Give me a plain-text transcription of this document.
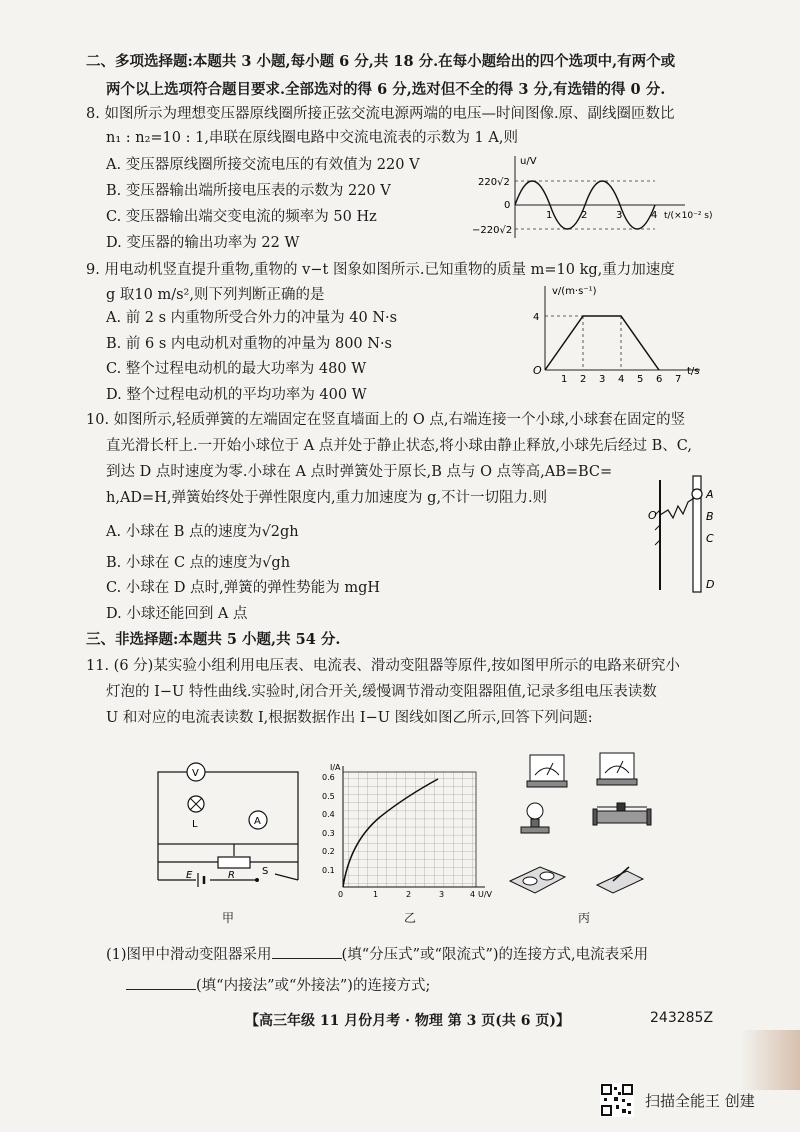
二、多项选择题:本题共 3 小题,每小题 6 分,共 18 分.在每小题给出的四个选项中,有两个或
两个以上选项符合题目要求.全部选对的得 6 分,选对但不全的得 3 分,有选错的得 0 分.
8. 如图所示为理想变压器原线圈所接正弦交流电源两端的电压—时间图像.原、副线圈匝数比
n₁ : n₂=10 : 1,串联在原线圈电路中交流电流表的示数为 1 A,则
A. 变压器原线圈所接交流电压的有效值为 220 V
B. 变压器输出端所接电压表的示数为 220 V
C. 变压器输出端交变电流的频率为 50 Hz
D. 变压器的输出功率为 22 W
u/V
220√2
0
−220√2
1	2	3	4 t/(×10⁻² s)
9. 用电动机竖直提升重物,重物的 v−t 图象如图所示.已知重物的质量 m=10 kg,重力加速度
g 取10 m/s²,则下列判断正确的是
A. 前 2 s 内重物所受合外力的冲量为 40 N·s
B. 前 6 s 内电动机对重物的冲量为 800 N·s
C. 整个过程电动机的最大功率为 480 W
D. 整个过程电动机的平均功率为 400 W
v/(m·s⁻¹)
4
O
1 2 3 4 5 6 7
t/s
10. 如图所示,轻质弹簧的左端固定在竖直墙面上的 O 点,右端连接一个小球,小球套在固定的竖
直光滑长杆上.一开始小球位于 A 点并处于静止状态,将小球由静止释放,小球先后经过 B、C,
到达 D 点时速度为零.小球在 A 点时弹簧处于原长,B 点与 O 点等高,AB=BC=
h,AD=H,弹簧始终处于弹性限度内,重力加速度为 g,不计一切阻力.则
A. 小球在 B 点的速度为√2gh
B. 小球在 C 点的速度为√gh
C. 小球在 D 点时,弹簧的弹性势能为 mgH
D. 小球还能回到 A 点
O
A
B
C
D
三、非选择题:本题共 5 小题,共 54 分.
11. (6 分)某实验小组利用电压表、电流表、滑动变阻器等原件,按如图甲所示的电路来研究小
灯泡的 I−U 特性曲线.实验时,闭合开关,缓慢调节滑动变阻器阻值,记录多组电压表读数
U 和对应的电流表读数 I,根据数据作出 I−U 图线如图乙所示,回答下列问题:
V
A
L
R
E	S
甲
I/A
0.6
0.5
0.4
0.3
0.2
0.1
0	1	2	3	4 U/V
乙	丙
(1)图甲中滑动变阻器采用	(填“分压式”或“限流式”)的连接方式,电流表采用
(填“内接法”或“外接法”)的连接方式;
【高三年级 11 月份月考 · 物理 第 3 页(共 6 页)】	243285Z
扫描全能王 创建
